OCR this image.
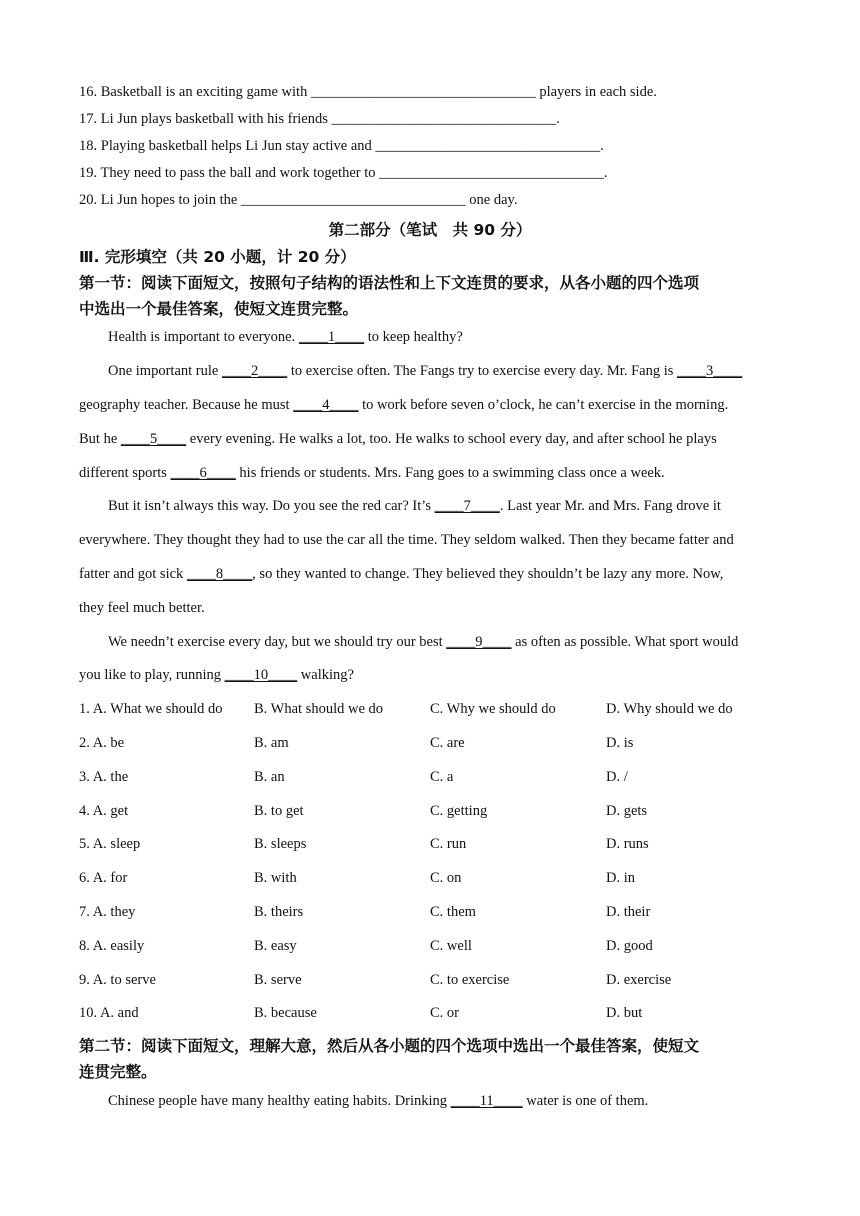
16. Basketball is an exciting game with _______________________________ players in each side.
17. Li Jun plays basketball with his friends _______________________________.
18. Playing basketball helps Li Jun stay active and _______________________________.
19. They need to pass the ball and work together to _______________________________.
20. Li Jun hopes to join the _______________________________ one day.
第二部分（笔试　共 90 分）
Ⅲ. 完形填空（共 20 小题，计 20 分）
第一节：阅读下面短文，按照句子结构的语法性和上下文连贯的要求，从各小题的四个选项
中选出一个最佳答案，使短文连贯完整。
Health is important to everyone. ____1____ to keep healthy?
One important rule ____2____ to exercise often. The Fangs try to exercise every day. Mr. Fang is ____3____
geography teacher. Because he must ____4____ to work before seven o’clock, he can’t exercise in the morning.
But he ____5____ every evening. He walks a lot, too. He walks to school every day, and after school he plays
different sports ____6____ his friends or students. Mrs. Fang goes to a swimming class once a week.
But it isn’t always this way. Do you see the red car? It’s ____7____. Last year Mr. and Mrs. Fang drove it
everywhere. They thought they had to use the car all the time. They seldom walked. Then they became fatter and
fatter and got sick ____8____, so they wanted to change. They believed they shouldn’t be lazy any more. Now,
they feel much better.
We needn’t exercise every day, but we should try our best ____9____ as often as possible. What sport would
you like to play, running ____10____ walking?
1. A. What we should do B. What should we do	C. Why we should do	D. Why should we do
2. A. be	B. am	C. are	D. is
3. A. the	B. an	C. a	D. /
4. A. get	B. to get	C. getting	D. gets
5. A. sleep	B. sleeps	C. run	D. runs
6. A. for	B. with	C. on	D. in
7. A. they	B. theirs	C. them	D. their
8. A. easily	B. easy	C. well	D. good
9. A. to serve	B. serve	C. to exercise	D. exercise
10. A. and	B. because	C. or	D. but
第二节：阅读下面短文，理解大意，然后从各小题的四个选项中选出一个最佳答案，使短文
连贯完整。
Chinese people have many healthy eating habits. Drinking ____11____ water is one of them.
